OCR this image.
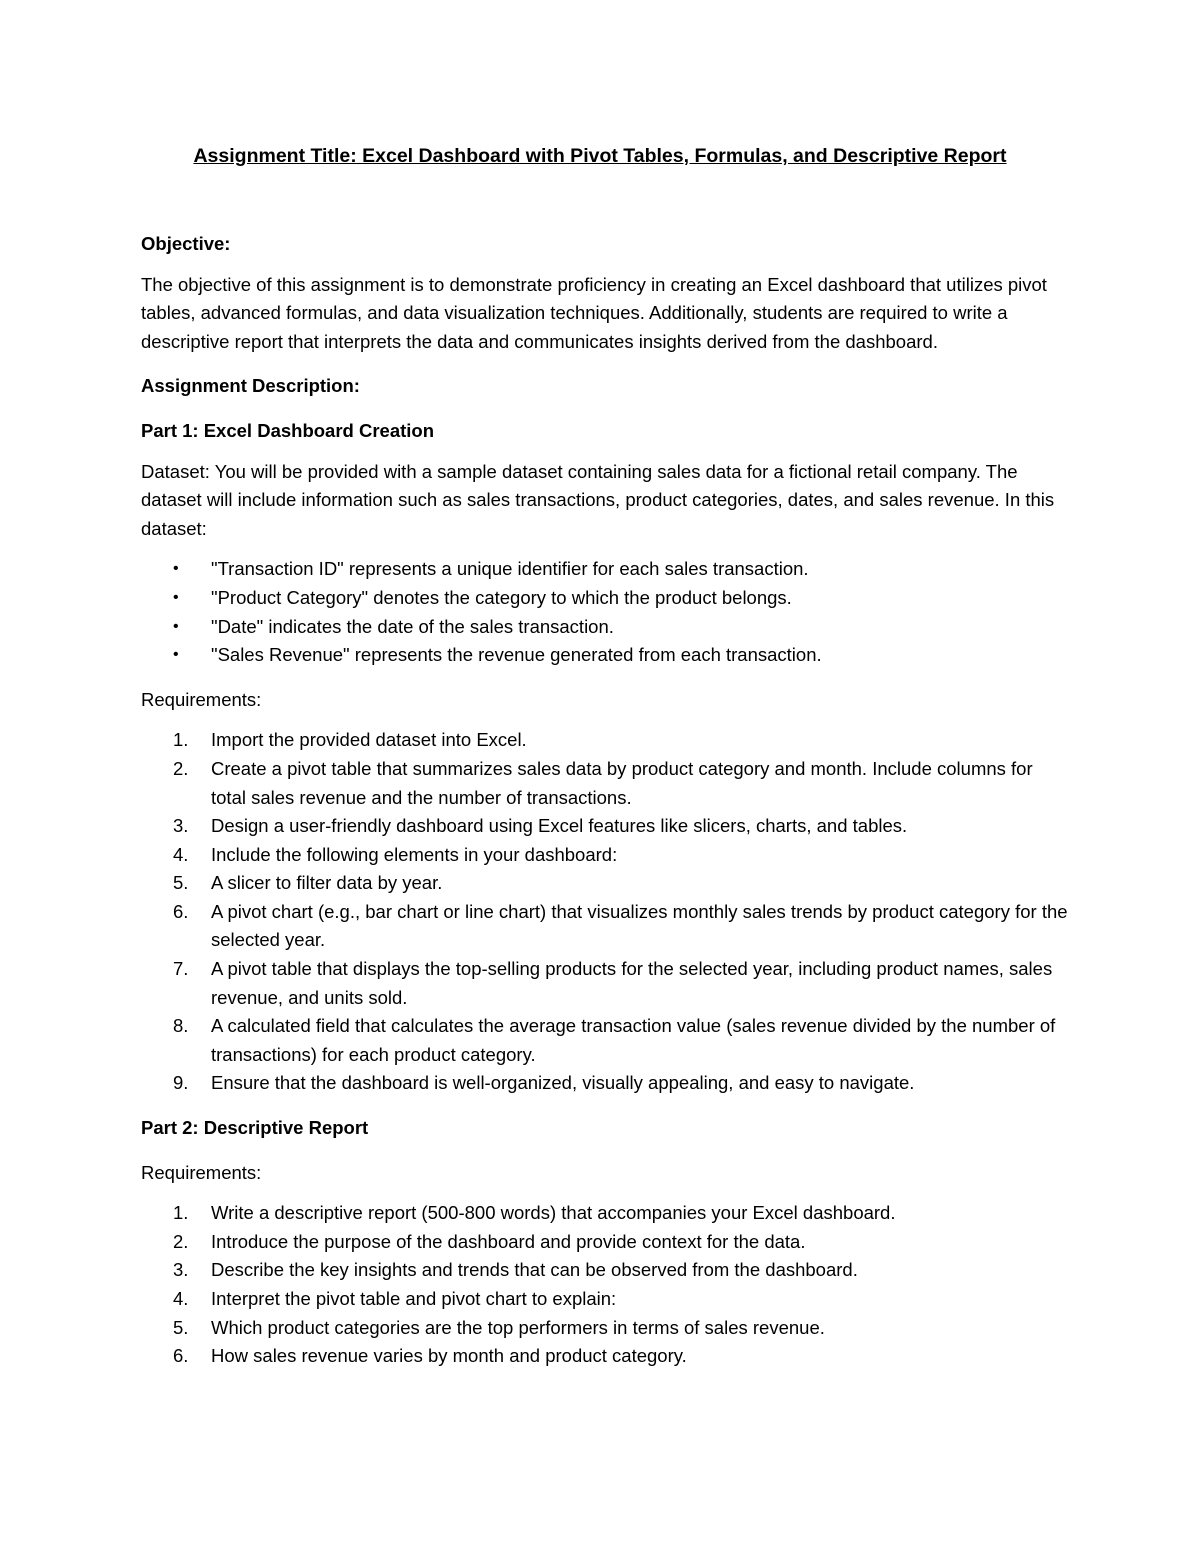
Assignment Title: Excel Dashboard with Pivot Tables, Formulas, and Descriptive Report
Objective:

The objective of this assignment is to demonstrate proficiency in creating an Excel dashboard that utilizes pivot tables, advanced formulas, and data visualization techniques. Additionally, students are required to write a descriptive report that interprets the data and communicates insights derived from the dashboard.

Assignment Description:
Part 1: Excel Dashboard Creation

Dataset: You will be provided with a sample dataset containing sales data for a fictional retail company. The dataset will include information such as sales transactions, product categories, dates, and sales revenue. In this dataset:

• "Transaction ID" represents a unique identifier for each sales transaction.
• "Product Category" denotes the category to which the product belongs.
• "Date" indicates the date of the sales transaction.
• "Sales Revenue" represents the revenue generated from each transaction.

Requirements:

1. Import the provided dataset into Excel.
2. Create a pivot table that summarizes sales data by product category and month. Include columns for total sales revenue and the number of transactions.
3. Design a user-friendly dashboard using Excel features like slicers, charts, and tables.
4. Include the following elements in your dashboard:
5. A slicer to filter data by year.
6. A pivot chart (e.g., bar chart or line chart) that visualizes monthly sales trends by product category for the selected year.
7. A pivot table that displays the top-selling products for the selected year, including product names, sales revenue, and units sold.
8. A calculated field that calculates the average transaction value (sales revenue divided by the number of transactions) for each product category.
9. Ensure that the dashboard is well-organized, visually appealing, and easy to navigate.
Part 2: Descriptive Report

Requirements:

1. Write a descriptive report (500-800 words) that accompanies your Excel dashboard.
2. Introduce the purpose of the dashboard and provide context for the data.
3. Describe the key insights and trends that can be observed from the dashboard.
4. Interpret the pivot table and pivot chart to explain:
5. Which product categories are the top performers in terms of sales revenue.
6. How sales revenue varies by month and product category.
